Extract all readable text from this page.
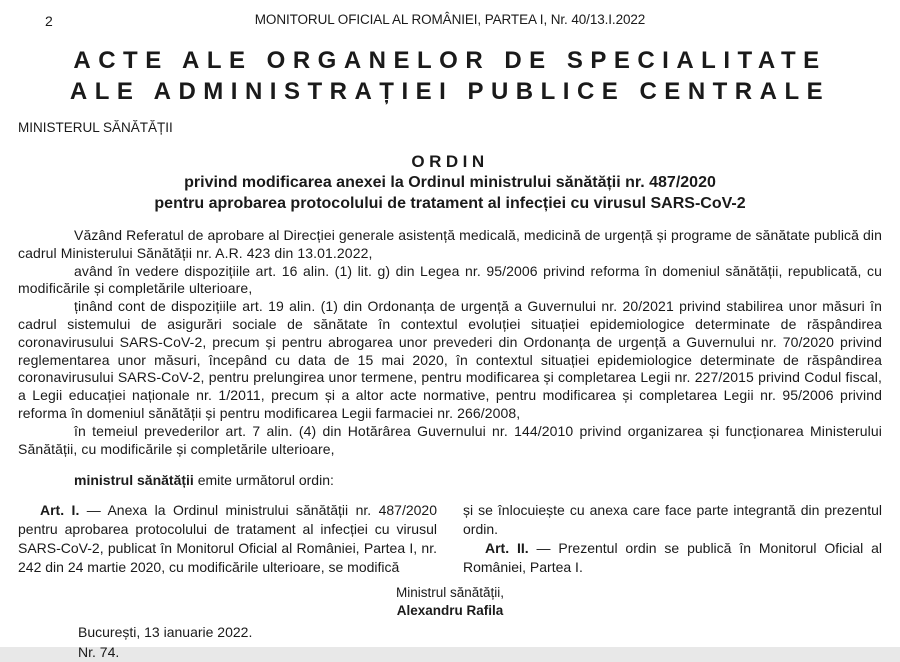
2	MONITORUL OFICIAL AL ROMÂNIEI, PARTEA I, Nr. 40/13.I.2022
ACTE ALE ORGANELOR DE SPECIALITATE
ALE ADMINISTRAȚIEI PUBLICE CENTRALE
MINISTERUL SĂNĂTĂȚII
ORDIN
privind modificarea anexei la Ordinul ministrului sănătății nr. 487/2020
pentru aprobarea protocolului de tratament al infecției cu virusul SARS-CoV-2

Văzând Referatul de aprobare al Direcției generale asistență medicală, medicină de urgență și programe de sănătate publică din cadrul Ministerului Sănătății nr. A.R. 423 din 13.01.2022,

având în vedere dispozițiile art. 16 alin. (1) lit. g) din Legea nr. 95/2006 privind reforma în domeniul sănătății, republicată, cu modificările și completările ulterioare,

ținând cont de dispozițiile art. 19 alin. (1) din Ordonanța de urgență a Guvernului nr. 20/2021 privind stabilirea unor măsuri în cadrul sistemului de asigurări sociale de sănătate în contextul evoluției situației epidemiologice determinate de răspândirea coronavirusului SARS-CoV-2, precum și pentru abrogarea unor prevederi din Ordonanța de urgență a Guvernului nr. 70/2020 privind reglementarea unor măsuri, începând cu data de 15 mai 2020, în contextul situației epidemiologice determinate de răspândirea coronavirusului SARS-CoV-2, pentru prelungirea unor termene, pentru modificarea și completarea Legii nr. 227/2015 privind Codul fiscal, a Legii educației naționale nr. 1/2011, precum și a altor acte normative, pentru modificarea și completarea Legii nr. 95/2006 privind reforma în domeniul sănătății și pentru modificarea Legii farmaciei nr. 266/2008,

în temeiul prevederilor art. 7 alin. (4) din Hotărârea Guvernului nr. 144/2010 privind organizarea și funcționarea Ministerului Sănătății, cu modificările și completările ulterioare,

ministrul sănătății emite următorul ordin:

Art. I. — Anexa la Ordinul ministrului sănătății nr. 487/2020 pentru aprobarea protocolului de tratament al infecției cu virusul SARS-CoV-2, publicat în Monitorul Oficial al României, Partea I, nr. 242 din 24 martie 2020, cu modificările ulterioare, se modifică

și se înlocuiește cu anexa care face parte integrantă din prezentul ordin.

Art. II. — Prezentul ordin se publică în Monitorul Oficial al României, Partea I.

Ministrul sănătății,
Alexandru Rafila
București, 13 ianuarie 2022.
Nr. 74.
